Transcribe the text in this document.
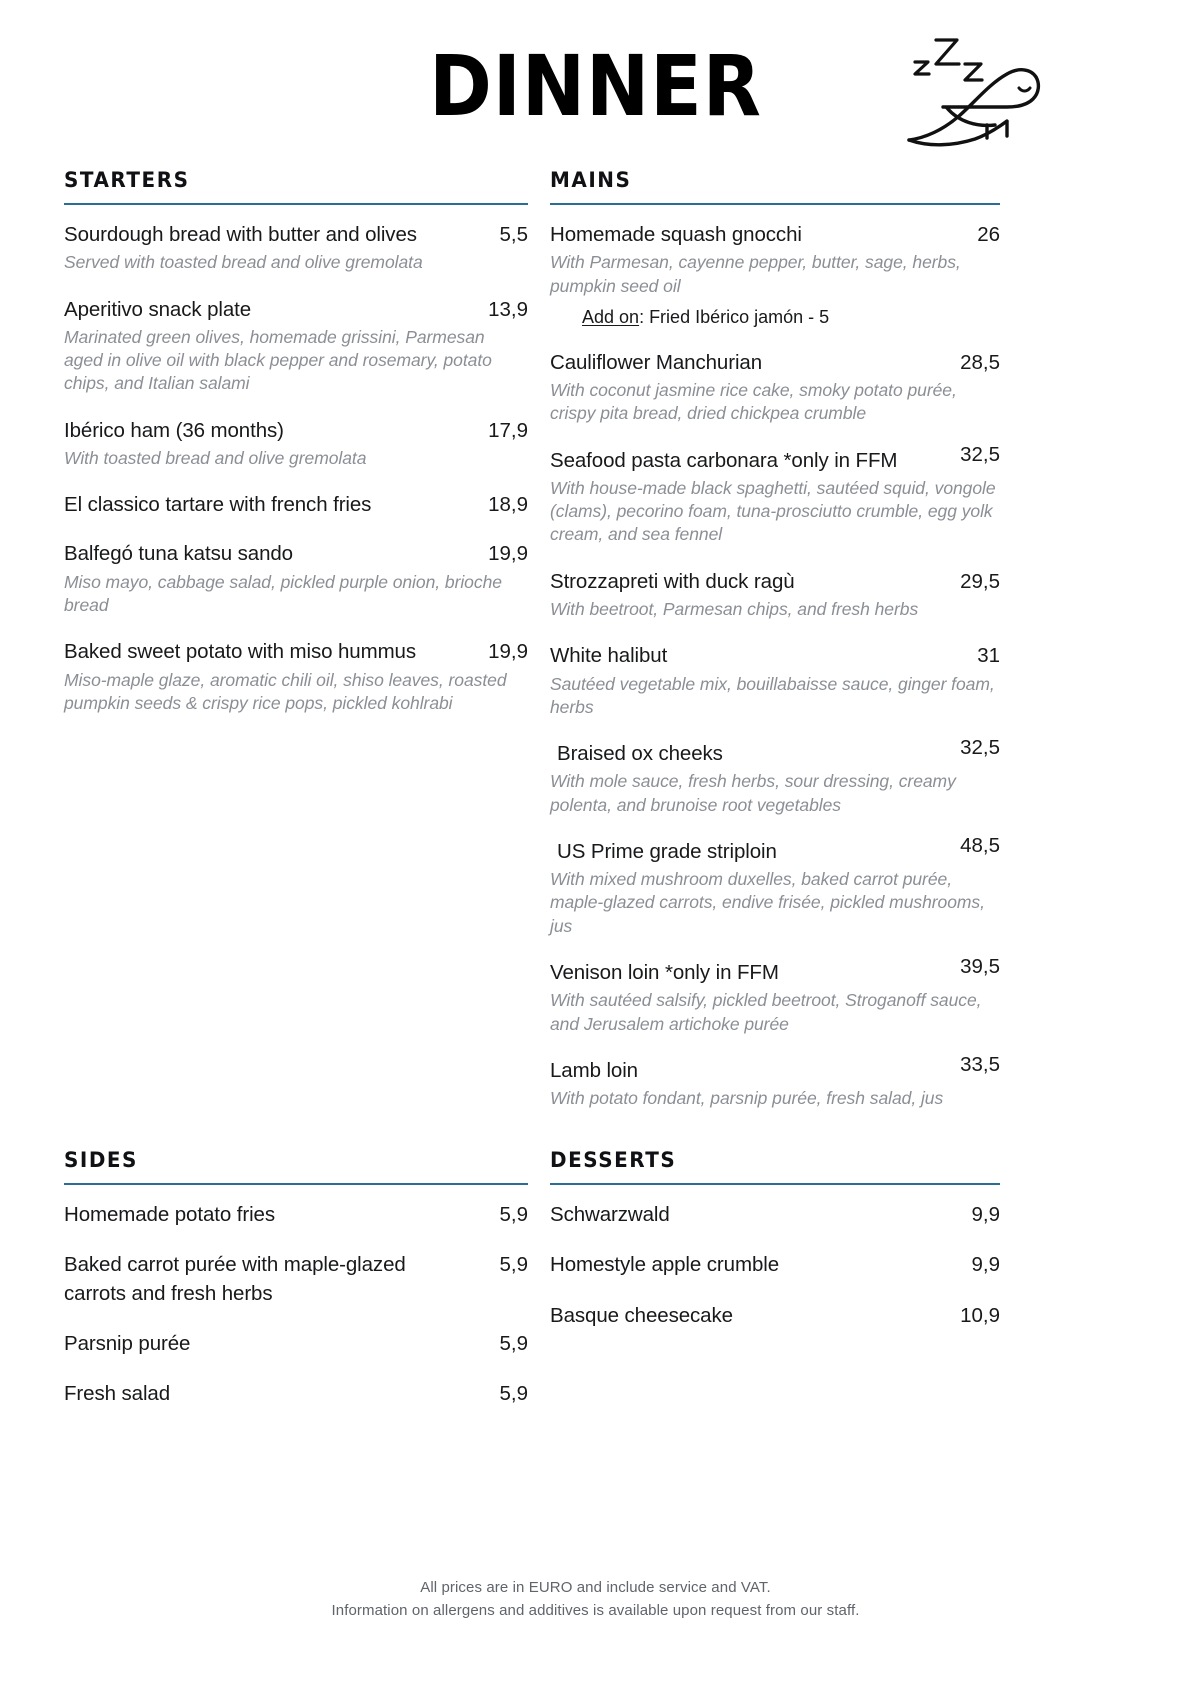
DINNER
STARTERS
Sourdough bread with butter and olives	5,5
Served with toasted bread and olive gremolata
Aperitivo snack plate	13,9
Marinated green olives, homemade grissini, Parmesan aged in olive oil with black pepper and rosemary, potato chips, and Italian salami
Ibérico ham (36 months)	17,9
With toasted bread and olive gremolata
El classico tartare with french fries	18,9
Balfegó tuna katsu sando	19,9
Miso mayo, cabbage salad, pickled purple onion, brioche bread
Baked sweet potato with miso hummus	19,9
Miso-maple glaze, aromatic chili oil, shiso leaves, roasted pumpkin seeds & crispy rice pops, pickled kohlrabi
MAINS
Homemade squash gnocchi	26
With Parmesan, cayenne pepper, butter, sage, herbs, pumpkin seed oil
Add on: Fried Ibérico jamón - 5
Cauliflower Manchurian	28,5
With coconut jasmine rice cake, smoky potato purée, crispy pita bread, dried chickpea crumble
Seafood pasta carbonara *only in FFM	32,5
With house-made black spaghetti, sautéed squid, vongole (clams), pecorino foam, tuna-prosciutto crumble, egg yolk cream, and sea fennel
Strozzapreti with duck ragù	29,5
With beetroot, Parmesan chips, and fresh herbs
White halibut	31
Sautéed vegetable mix, bouillabaisse sauce, ginger foam, herbs
Braised ox cheeks	32,5
With mole sauce, fresh herbs, sour dressing, creamy polenta, and brunoise root vegetables
US Prime grade striploin	48,5
With mixed mushroom duxelles, baked carrot purée, maple-glazed carrots, endive frisée, pickled mushrooms, jus
Venison loin *only in FFM	39,5
With sautéed salsify, pickled beetroot, Stroganoff sauce, and Jerusalem artichoke purée
Lamb loin	33,5
With potato fondant, parsnip purée, fresh salad, jus
SIDES
Homemade potato fries	5,9
Baked carrot purée with maple-glazed carrots and fresh herbs
5,9
Parsnip purée	5,9
Fresh salad	5,9
DESSERTS
Schwarzwald	9,9
Homestyle apple crumble	9,9
Basque cheesecake	10,9
All prices are in EURO and include service and VAT.
Information on allergens and additives is available upon request from our staff.
